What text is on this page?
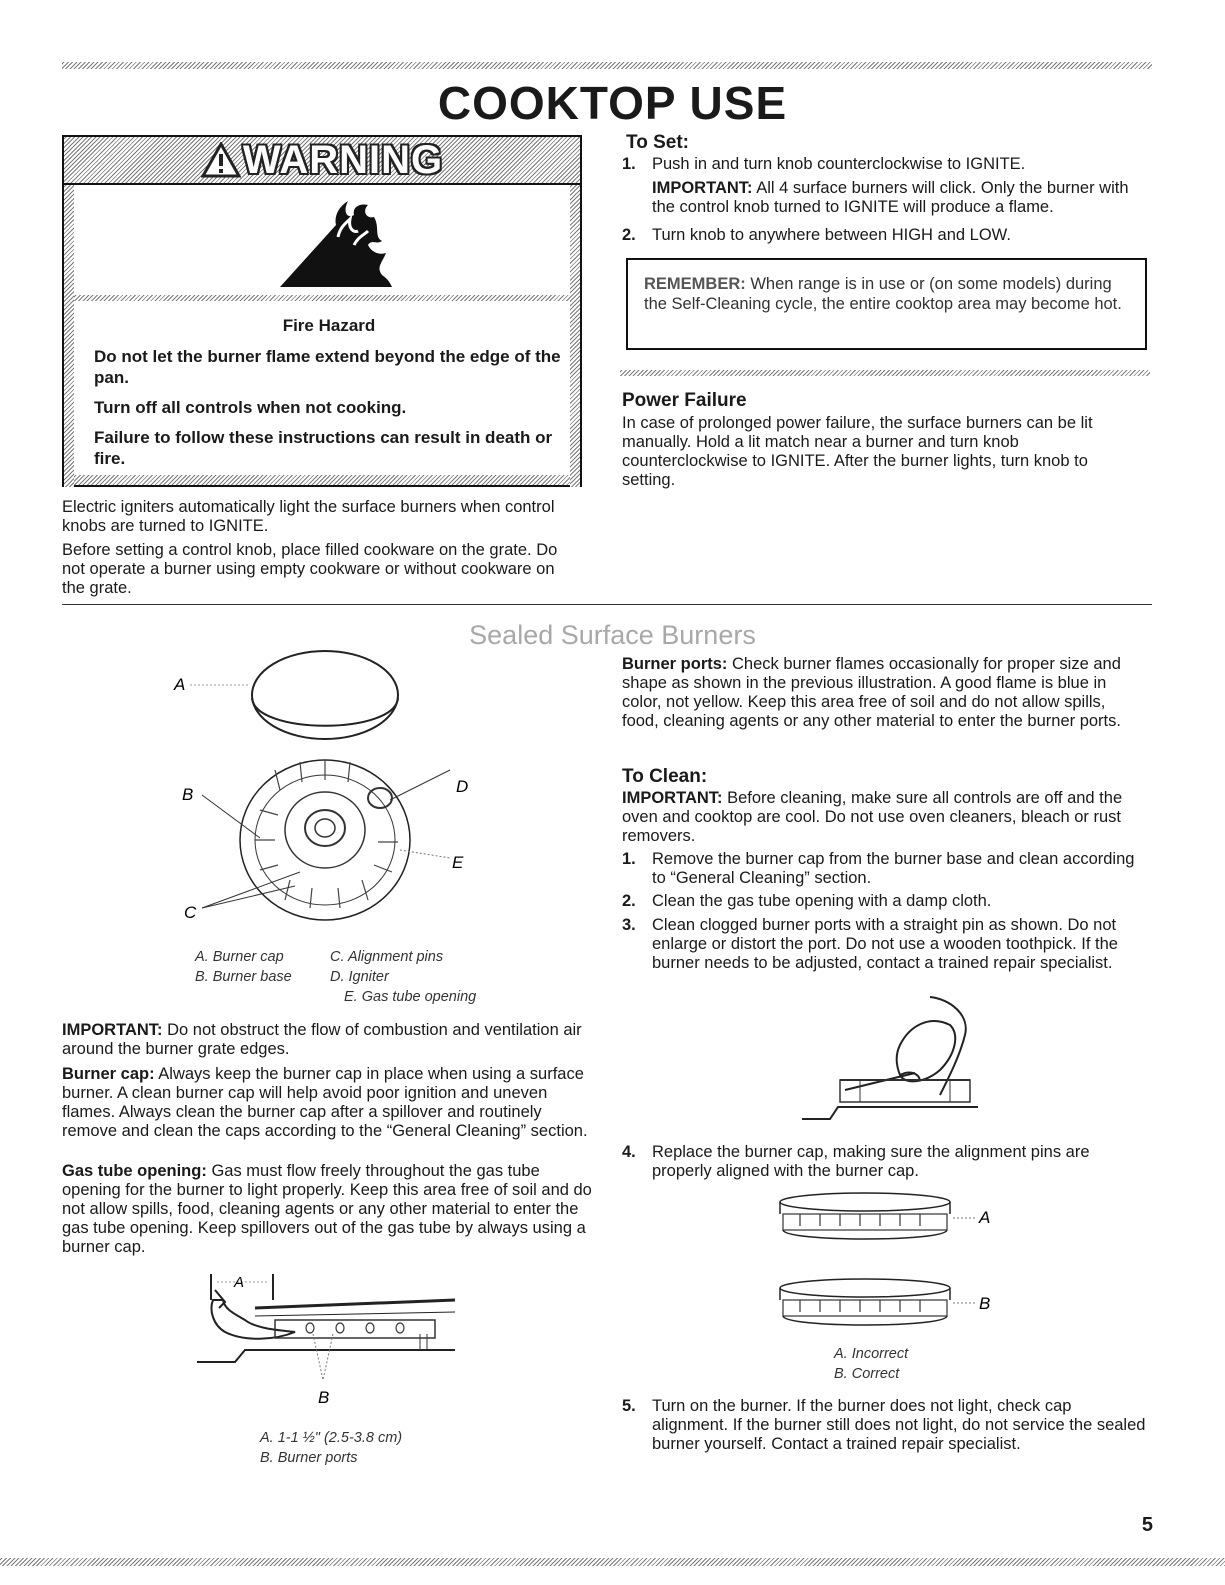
COOKTOP USE
WARNING
Fire Hazard

Do not let the burner flame extend beyond the edge of the pan.

Turn off all controls when not cooking.

Failure to follow these instructions can result in death or fire.

Electric igniters automatically light the surface burners when control knobs are turned to IGNITE.

Before setting a control knob, place filled cookware on the grate. Do not operate a burner using empty cookware or without cookware on the grate.

To Set:
1. Push in and turn knob counterclockwise to IGNITE.

IMPORTANT: All 4 surface burners will click. Only the burner with the control knob turned to IGNITE will produce a flame.

2. Turn knob to anywhere between HIGH and LOW.
REMEMBER: When range is in use or (on some models) during the Self-Cleaning cycle, the entire cooktop area may become hot.
Power Failure

In case of prolonged power failure, the surface burners can be lit manually. Hold a lit match near a burner and turn knob counterclockwise to IGNITE. After the burner lights, turn knob to setting.

Sealed Surface Burners
A
B
C
D
E
A. Burner cap
B. Burner base
C. Alignment pins
D. Igniter
E. Gas tube opening

IMPORTANT: Do not obstruct the flow of combustion and ventilation air around the burner grate edges.

Burner cap: Always keep the burner cap in place when using a surface burner. A clean burner cap will help avoid poor ignition and uneven flames. Always clean the burner cap after a spillover and routinely remove and clean the caps according to the “General Cleaning” section.

Gas tube opening: Gas must flow freely throughout the gas tube opening for the burner to light properly. Keep this area free of soil and do not allow spills, food, cleaning agents or any other material to enter the gas tube opening. Keep spillovers out of the gas tube by always using a burner cap.

A
B
A. 1-1 ½" (2.5-3.8 cm)
B. Burner ports

Burner ports: Check burner flames occasionally for proper size and shape as shown in the previous illustration. A good flame is blue in color, not yellow. Keep this area free of soil and do not allow spills, food, cleaning agents or any other material to enter the burner ports.

To Clean:

IMPORTANT: Before cleaning, make sure all controls are off and the oven and cooktop are cool. Do not use oven cleaners, bleach or rust removers.

1. Remove the burner cap from the burner base and clean according to “General Cleaning” section.
2. Clean the gas tube opening with a damp cloth.
3. Clean clogged burner ports with a straight pin as shown. Do not enlarge or distort the port. Do not use a wooden toothpick. If the burner needs to be adjusted, contact a trained repair specialist.
4. Replace the burner cap, making sure the alignment pins are properly aligned with the burner cap.
A
B
A. Incorrect
B. Correct
5. Turn on the burner. If the burner does not light, check cap alignment. If the burner still does not light, do not service the sealed burner yourself. Contact a trained repair specialist.
5
